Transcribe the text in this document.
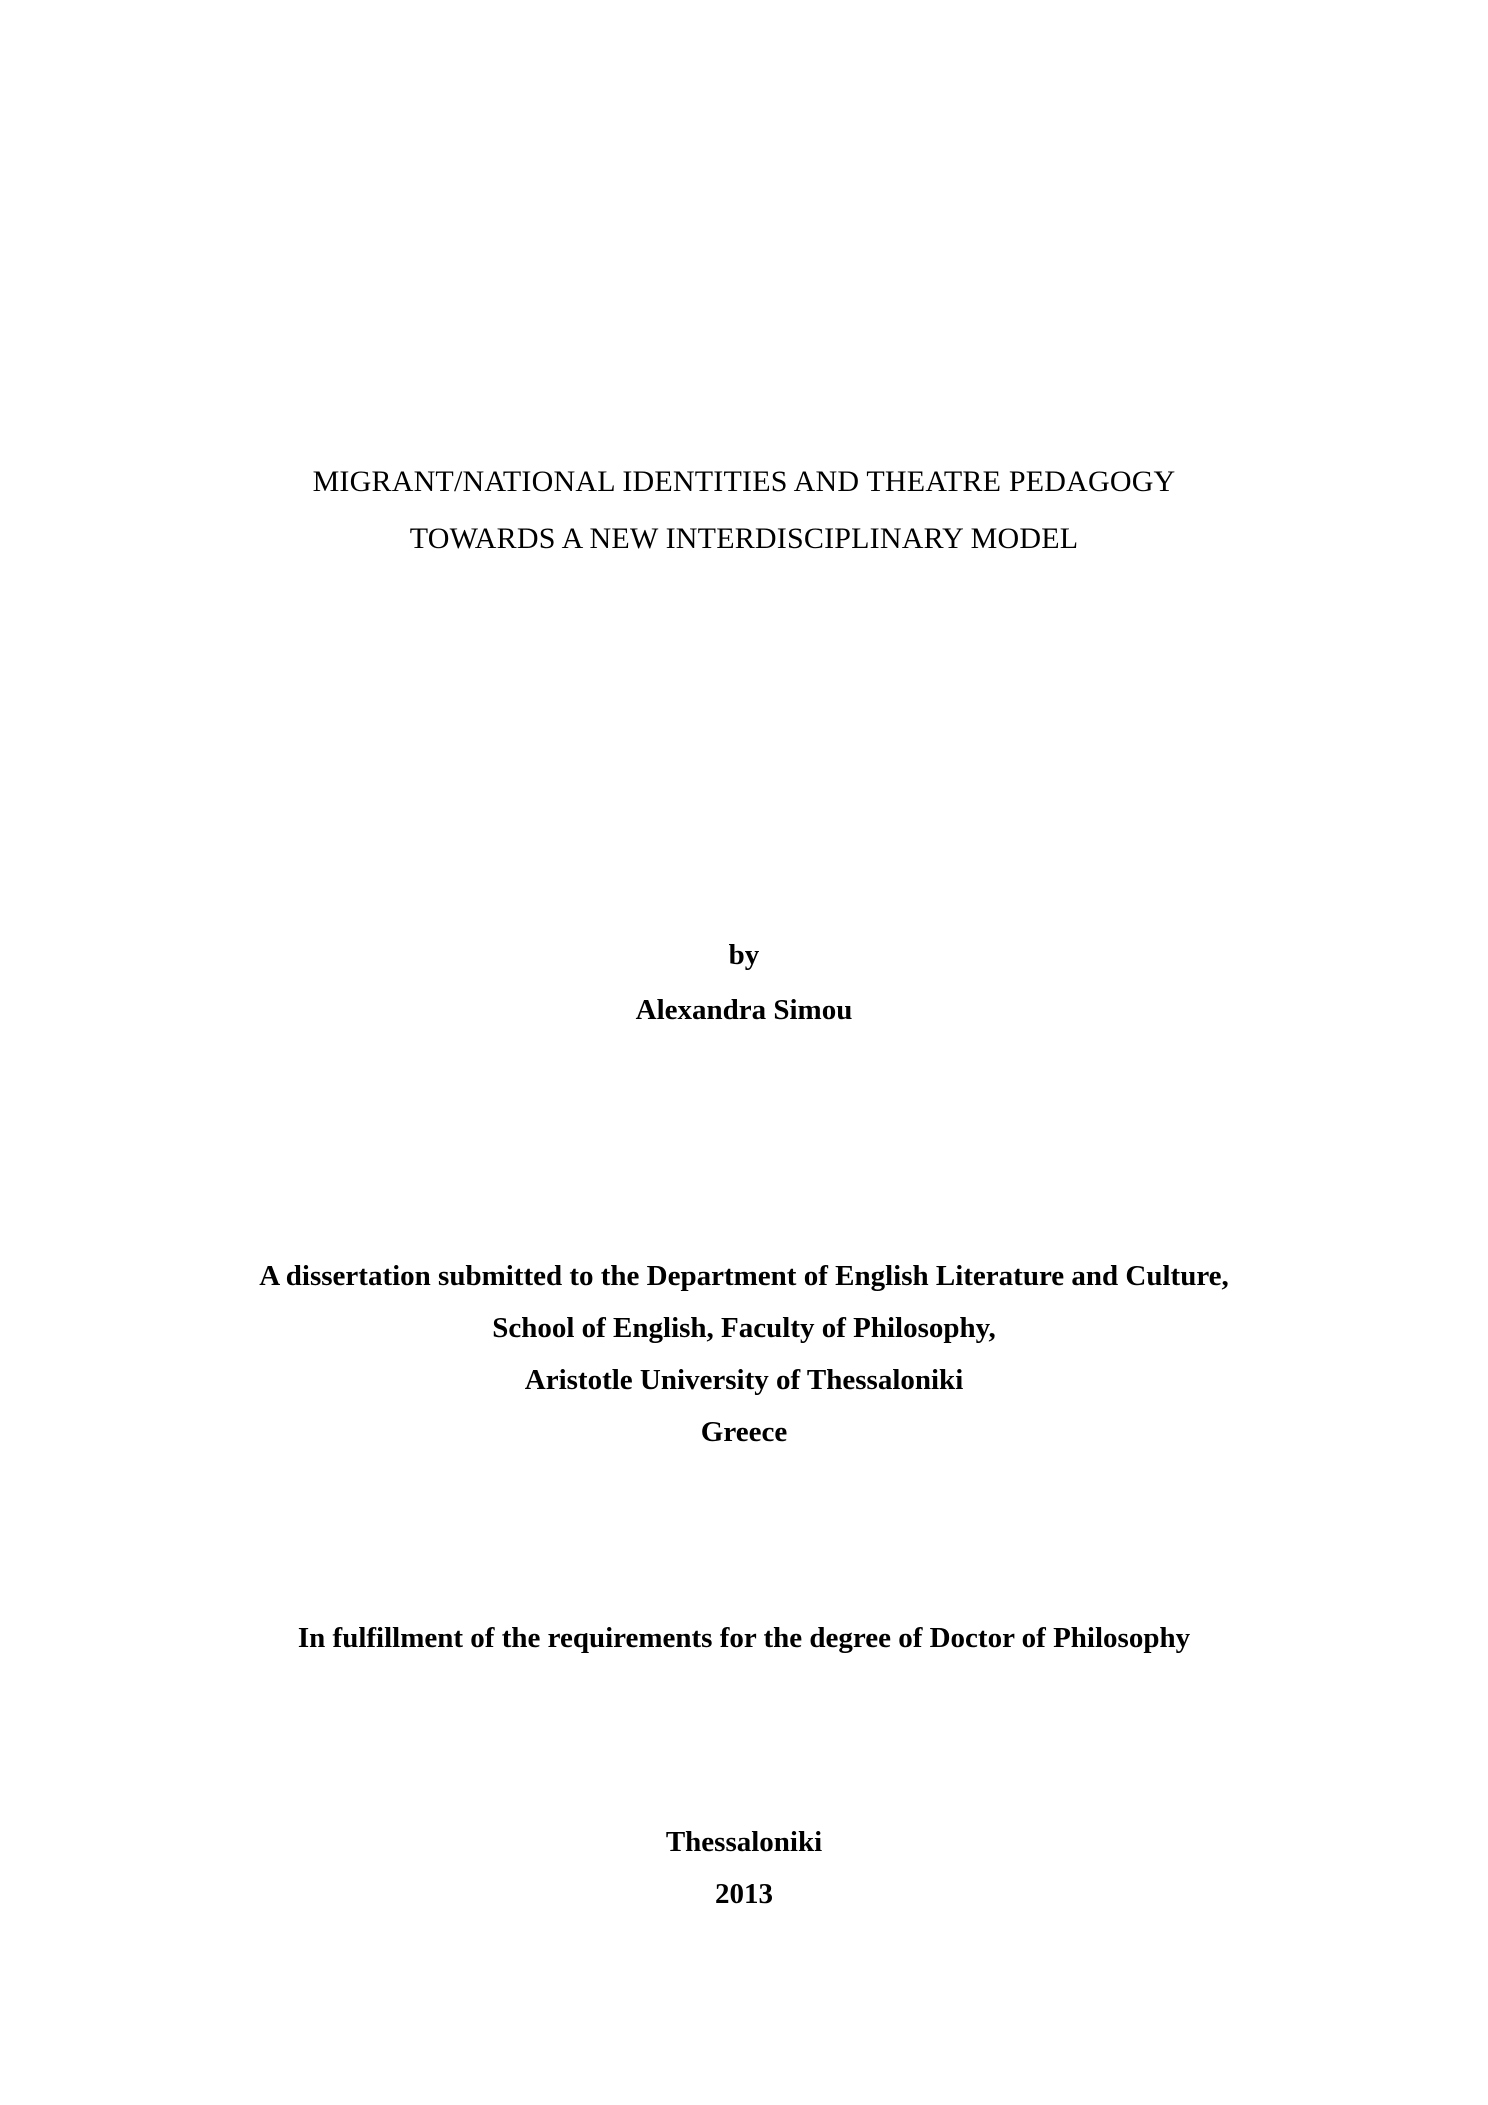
MIGRANT/NATIONAL IDENTITIES AND THEATRE PEDAGOGY
TOWARDS A NEW INTERDISCIPLINARY MODEL
by
Alexandra Simou
A dissertation submitted to the Department of English Literature and Culture,
School of English, Faculty of Philosophy,
Aristotle University of Thessaloniki
Greece
In fulfillment of the requirements for the degree of Doctor of Philosophy
Thessaloniki
2013
